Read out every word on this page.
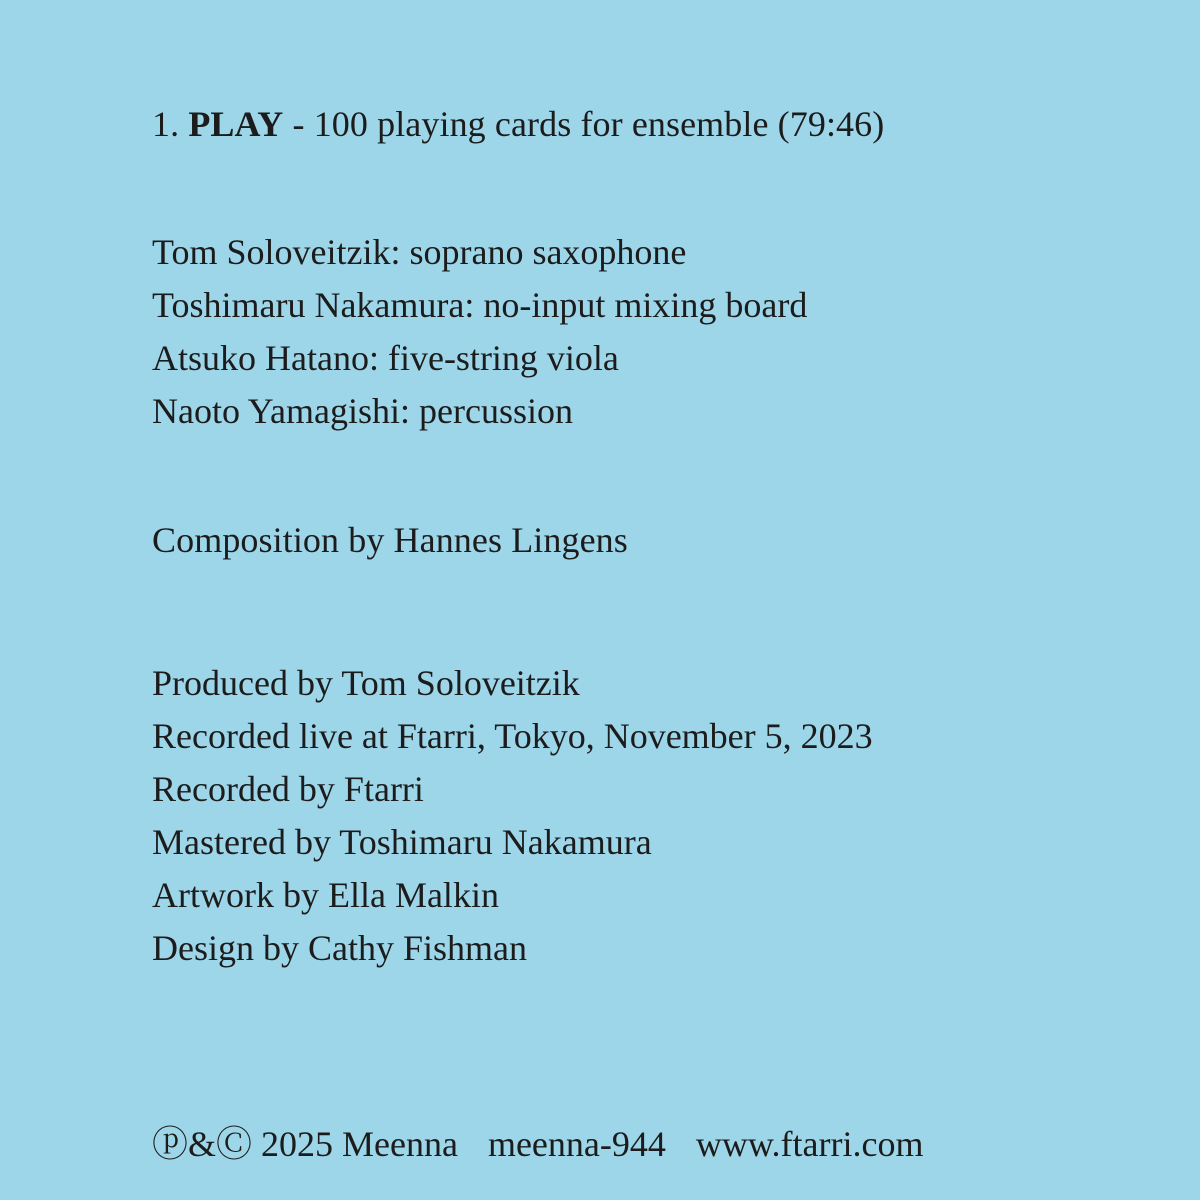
1. PLAY - 100 playing cards for ensemble (79:46)
Tom Soloveitzik: soprano saxophone
Toshimaru Nakamura: no-input mixing board
Atsuko Hatano: five-string viola
Naoto Yamagishi: percussion
Composition by Hannes Lingens
Produced by Tom Soloveitzik
Recorded live at Ftarri, Tokyo, November 5, 2023
Recorded by Ftarri
Mastered by Toshimaru Nakamura
Artwork by Ella Malkin
Design by Cathy Fishman
ⓟ&Ⓒ 2025 Meenna meenna-944 www.ftarri.com
